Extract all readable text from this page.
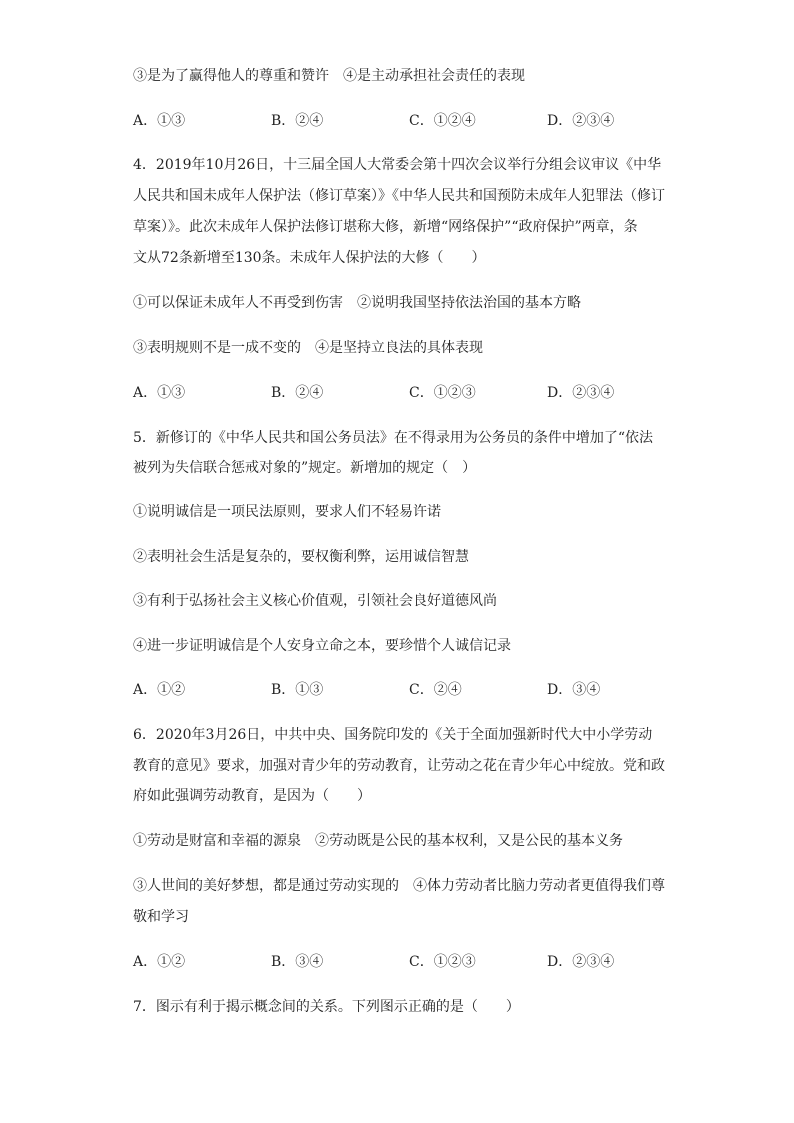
③是为了赢得他人的尊重和赞许　④是主动承担社会责任的表现
A．①③	B．②④	C．①②④	D．②③④
4．2019年10月26日，十三届全国人大常委会第十四次会议举行分组会议审议《中华
人民共和国未成年人保护法（修订草案）》《中华人民共和国预防未成年人犯罪法（修订
草案）》。此次未成年人保护法修订堪称大修，新增“网络保护”“政府保护”两章，条
文从72条新增至130条。未成年人保护法的大修（　　）
①可以保证未成年人不再受到伤害　②说明我国坚持依法治国的基本方略
③表明规则不是一成不变的　④是坚持立良法的具体表现
A．①③	B．②④	C．①②③	D．②③④
5．新修订的《中华人民共和国公务员法》在不得录用为公务员的条件中增加了“依法
被列为失信联合惩戒对象的”规定。新增加的规定（　）
①说明诚信是一项民法原则，要求人们不轻易许诺
②表明社会生活是复杂的，要权衡利弊，运用诚信智慧
③有利于弘扬社会主义核心价值观，引领社会良好道德风尚
④进一步证明诚信是个人安身立命之本，要珍惜个人诚信记录
A．①②	B．①③	C．②④	D．③④
6．2020年3月26日，中共中央、国务院印发的《关于全面加强新时代大中小学劳动
教育的意见》要求，加强对青少年的劳动教育，让劳动之花在青少年心中绽放。党和政
府如此强调劳动教育，是因为（　　）
①劳动是财富和幸福的源泉　②劳动既是公民的基本权利，又是公民的基本义务
③人世间的美好梦想，都是通过劳动实现的　④体力劳动者比脑力劳动者更值得我们尊
敬和学习
A．①②	B．③④	C．①②③	D．②③④
7．图示有利于揭示概念间的关系。下列图示正确的是（　　）
